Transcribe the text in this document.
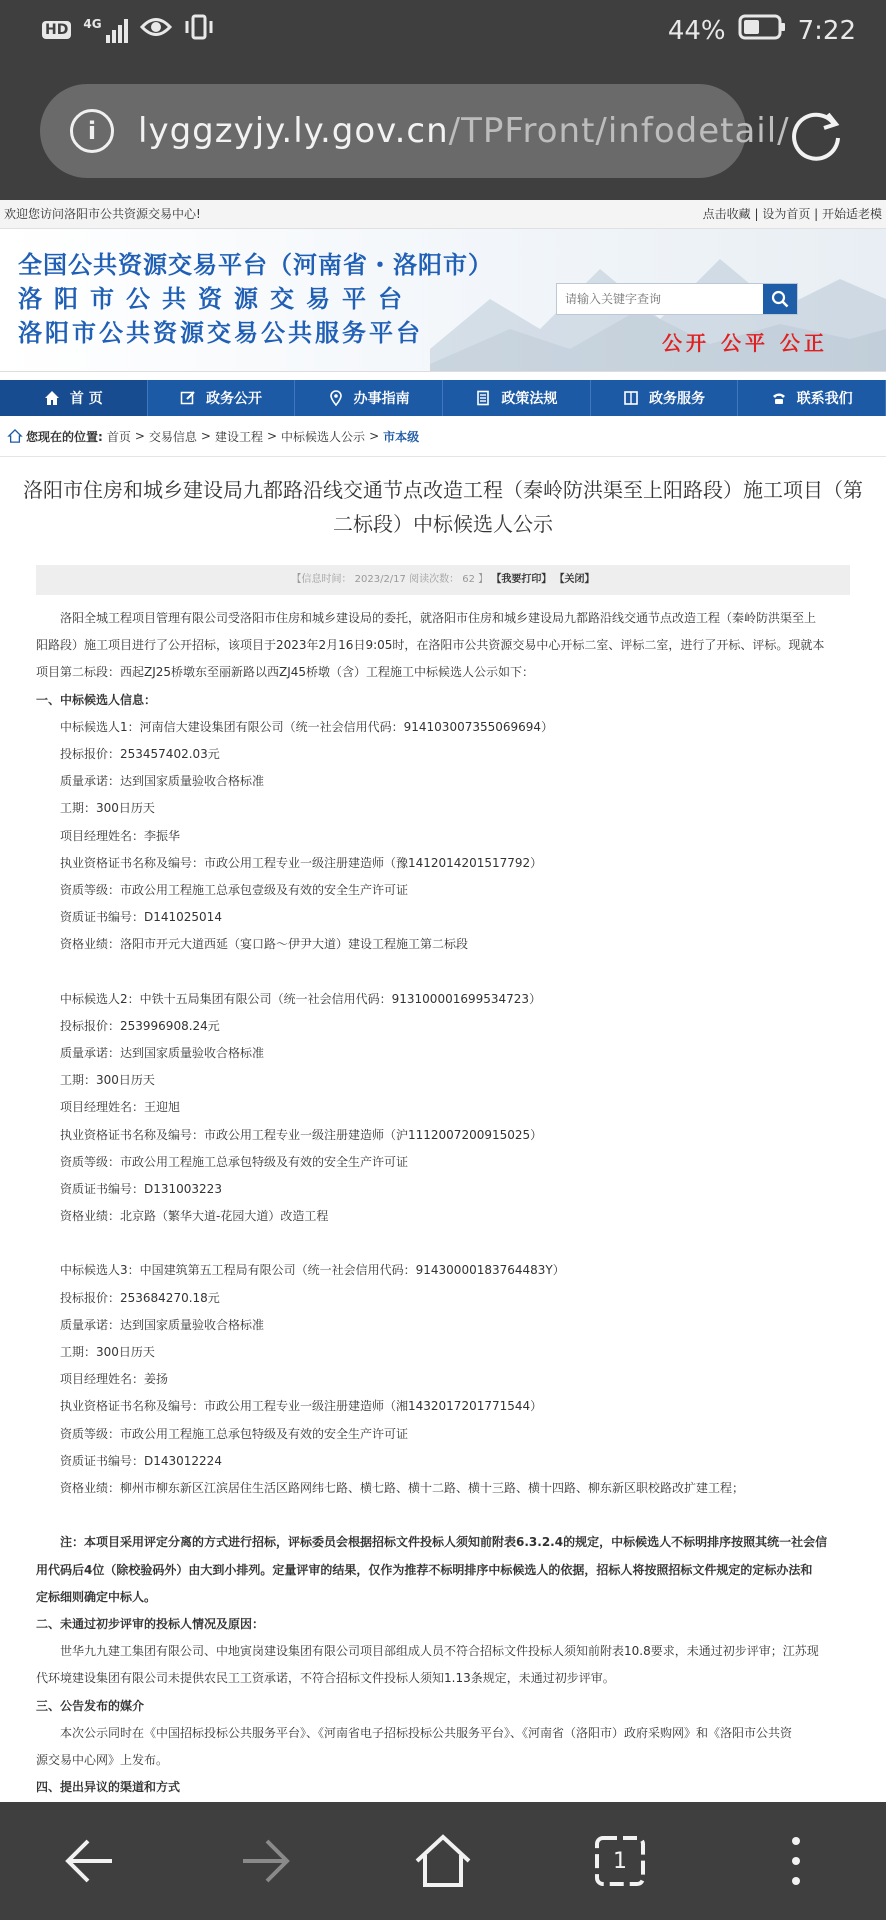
HD 4G	44%	7:22
i	lyggzyjy.ly.gov.cn/TPFront/infodetail/
欢迎您访问洛阳市公共资源交易中心!	点击收藏 | 设为首页 | 开始适老模
全国公共资源交易平台（河南省・洛阳市）
洛阳市公共资源交易平台
洛阳市公共资源交易公共服务平台
请输入关键字查询	公开 公平 公正
首 页	政务公开	办事指南	政策法规	政务服务	联系我们
您现在的位置: 首页 > 交易信息 > 建设工程 > 中标候选人公示 > 市本级
洛阳市住房和城乡建设局九都路沿线交通节点改造工程（秦岭防洪渠至上阳路段）施工项目（第二标段）中标候选人公示
【信息时间： 2023/2/17 阅读次数： 62 】 【我要打印】 【关闭】

洛阳全城工程项目管理有限公司受洛阳市住房和城乡建设局的委托，就洛阳市住房和城乡建设局九都路沿线交通节点改造工程（秦岭防洪渠至上

阳路段）施工项目进行了公开招标，该项目于2023年2月16日9:05时，在洛阳市公共资源交易中心开标二室、评标二室，进行了开标、评标。现就本

项目第二标段：西起ZJ25桥墩东至丽新路以西ZJ45桥墩（含）工程施工中标候选人公示如下：

一、中标候选人信息：

中标候选人1：河南信大建设集团有限公司（统一社会信用代码：914103007355069694）

投标报价：253457402.03元

质量承诺：达到国家质量验收合格标准

工期：300日历天

项目经理姓名：李振华

执业资格证书名称及编号：市政公用工程专业一级注册建造师（豫1412014201517792）

资质等级：市政公用工程施工总承包壹级及有效的安全生产许可证

资质证书编号：D141025014

资格业绩：洛阳市开元大道西延（宴口路～伊尹大道）建设工程施工第二标段

中标候选人2：中铁十五局集团有限公司（统一社会信用代码：913100001699534723）

投标报价：253996908.24元

质量承诺：达到国家质量验收合格标准

工期：300日历天

项目经理姓名：王迎旭

执业资格证书名称及编号：市政公用工程专业一级注册建造师（沪1112007200915025）

资质等级：市政公用工程施工总承包特级及有效的安全生产许可证

资质证书编号：D131003223

资格业绩：北京路（繁华大道-花园大道）改造工程

中标候选人3：中国建筑第五工程局有限公司（统一社会信用代码：91430000183764483Y）

投标报价：253684270.18元

质量承诺：达到国家质量验收合格标准

工期：300日历天

项目经理姓名：姜扬

执业资格证书名称及编号：市政公用工程专业一级注册建造师（湘1432017201771544）

资质等级：市政公用工程施工总承包特级及有效的安全生产许可证

资质证书编号：D143012224

资格业绩：柳州市柳东新区江滨居住生活区路网纬七路、横七路、横十二路、横十三路、横十四路、柳东新区职校路改扩建工程；

注：本项目采用评定分离的方式进行招标，评标委员会根据招标文件投标人须知前附表6.3.2.4的规定，中标候选人不标明排序按照其统一社会信

用代码后4位（除校验码外）由大到小排列。定量评审的结果，仅作为推荐不标明排序中标候选人的依据，招标人将按照招标文件规定的定标办法和

定标细则确定中标人。

二、未通过初步评审的投标人情况及原因：

世华九九建工集团有限公司、中地寅岗建设集团有限公司项目部组成人员不符合招标文件投标人须知前附表10.8要求，未通过初步评审；江苏现

代环境建设集团有限公司未提供农民工工资承诺，不符合招标文件投标人须知1.13条规定，未通过初步评审。

三、公告发布的媒介

本次公示同时在《中国招标投标公共服务平台》、《河南省电子招标投标公共服务平台》、《河南省（洛阳市）政府采购网》和《洛阳市公共资

源交易中心网》上发布。

四、提出异议的渠道和方式

1
